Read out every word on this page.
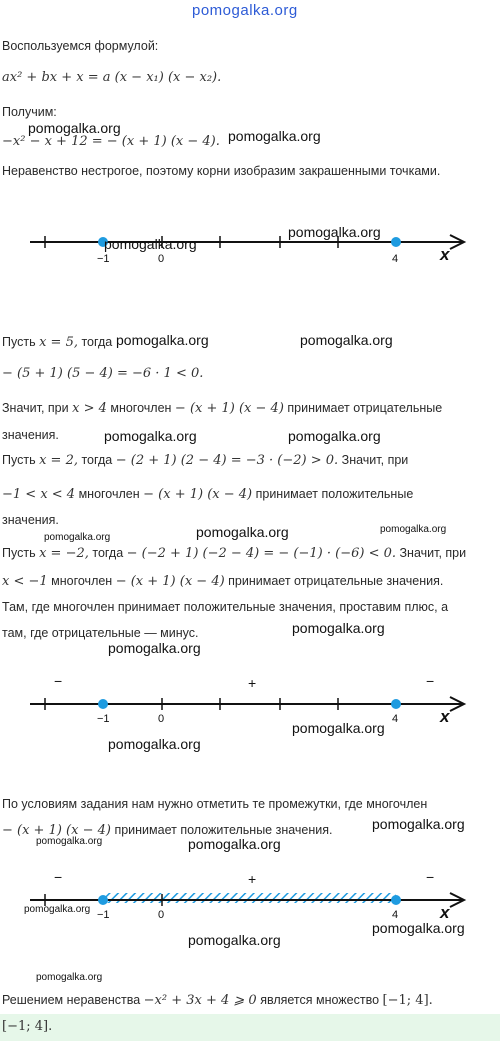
pomogalka.org
Воспользуемся формулой:
ax² + bx + x = a (x − x₁) (x − x₂).
Получим:
−x² − x + 12 = − (x + 1) (x − 4).
pomogalka.org	pomogalka.org
Неравенство нестрогое, поэтому корни изобразим закрашенными точками.
−1	0	4 x
pomogalka.org
pomogalka.org
Пусть x = 5, тогда pomogalka.org	pomogalka.org
− (5 + 1) (5 − 4) = −6 · 1 < 0.
Значит, при x > 4 многочлен − (x + 1) (x − 4) принимает отрицательные
значения.	pomogalka.org	pomogalka.org
Пусть x = 2, тогда − (2 + 1) (2 − 4) = −3 · (−2) > 0. Значит, при
−1 < x < 4 многочлен − (x + 1) (x − 4) принимает положительные
значения.
pomogalka.org	pomogalka.org
pomogalka.org
Пусть x = −2, тогда − (−2 + 1) (−2 − 4) = − (−1) · (−6) < 0. Значит, при
x < −1 многочлен − (x + 1) (x − 4) принимает отрицательные значения.
Там, где многочлен принимает положительные значения, проставим плюс, а
там, где отрицательные — минус.	pomogalka.org
pomogalka.org
−	+	−
−1	0	4 x
pomogalka.org
pomogalka.org
По условиям задания нам нужно отметить те промежутки, где многочлен
− (x + 1) (x − 4) принимает положительные значения.	pomogalka.org
pomogalka.org	pomogalka.org
−	+	−
−1	0	4 x
pomogalka.org
pomogalka.org
pomogalka.org
pomogalka.org
Решением неравенства −x² + 3x + 4 ⩾ 0 является множество [−1; 4].
[−1; 4].
